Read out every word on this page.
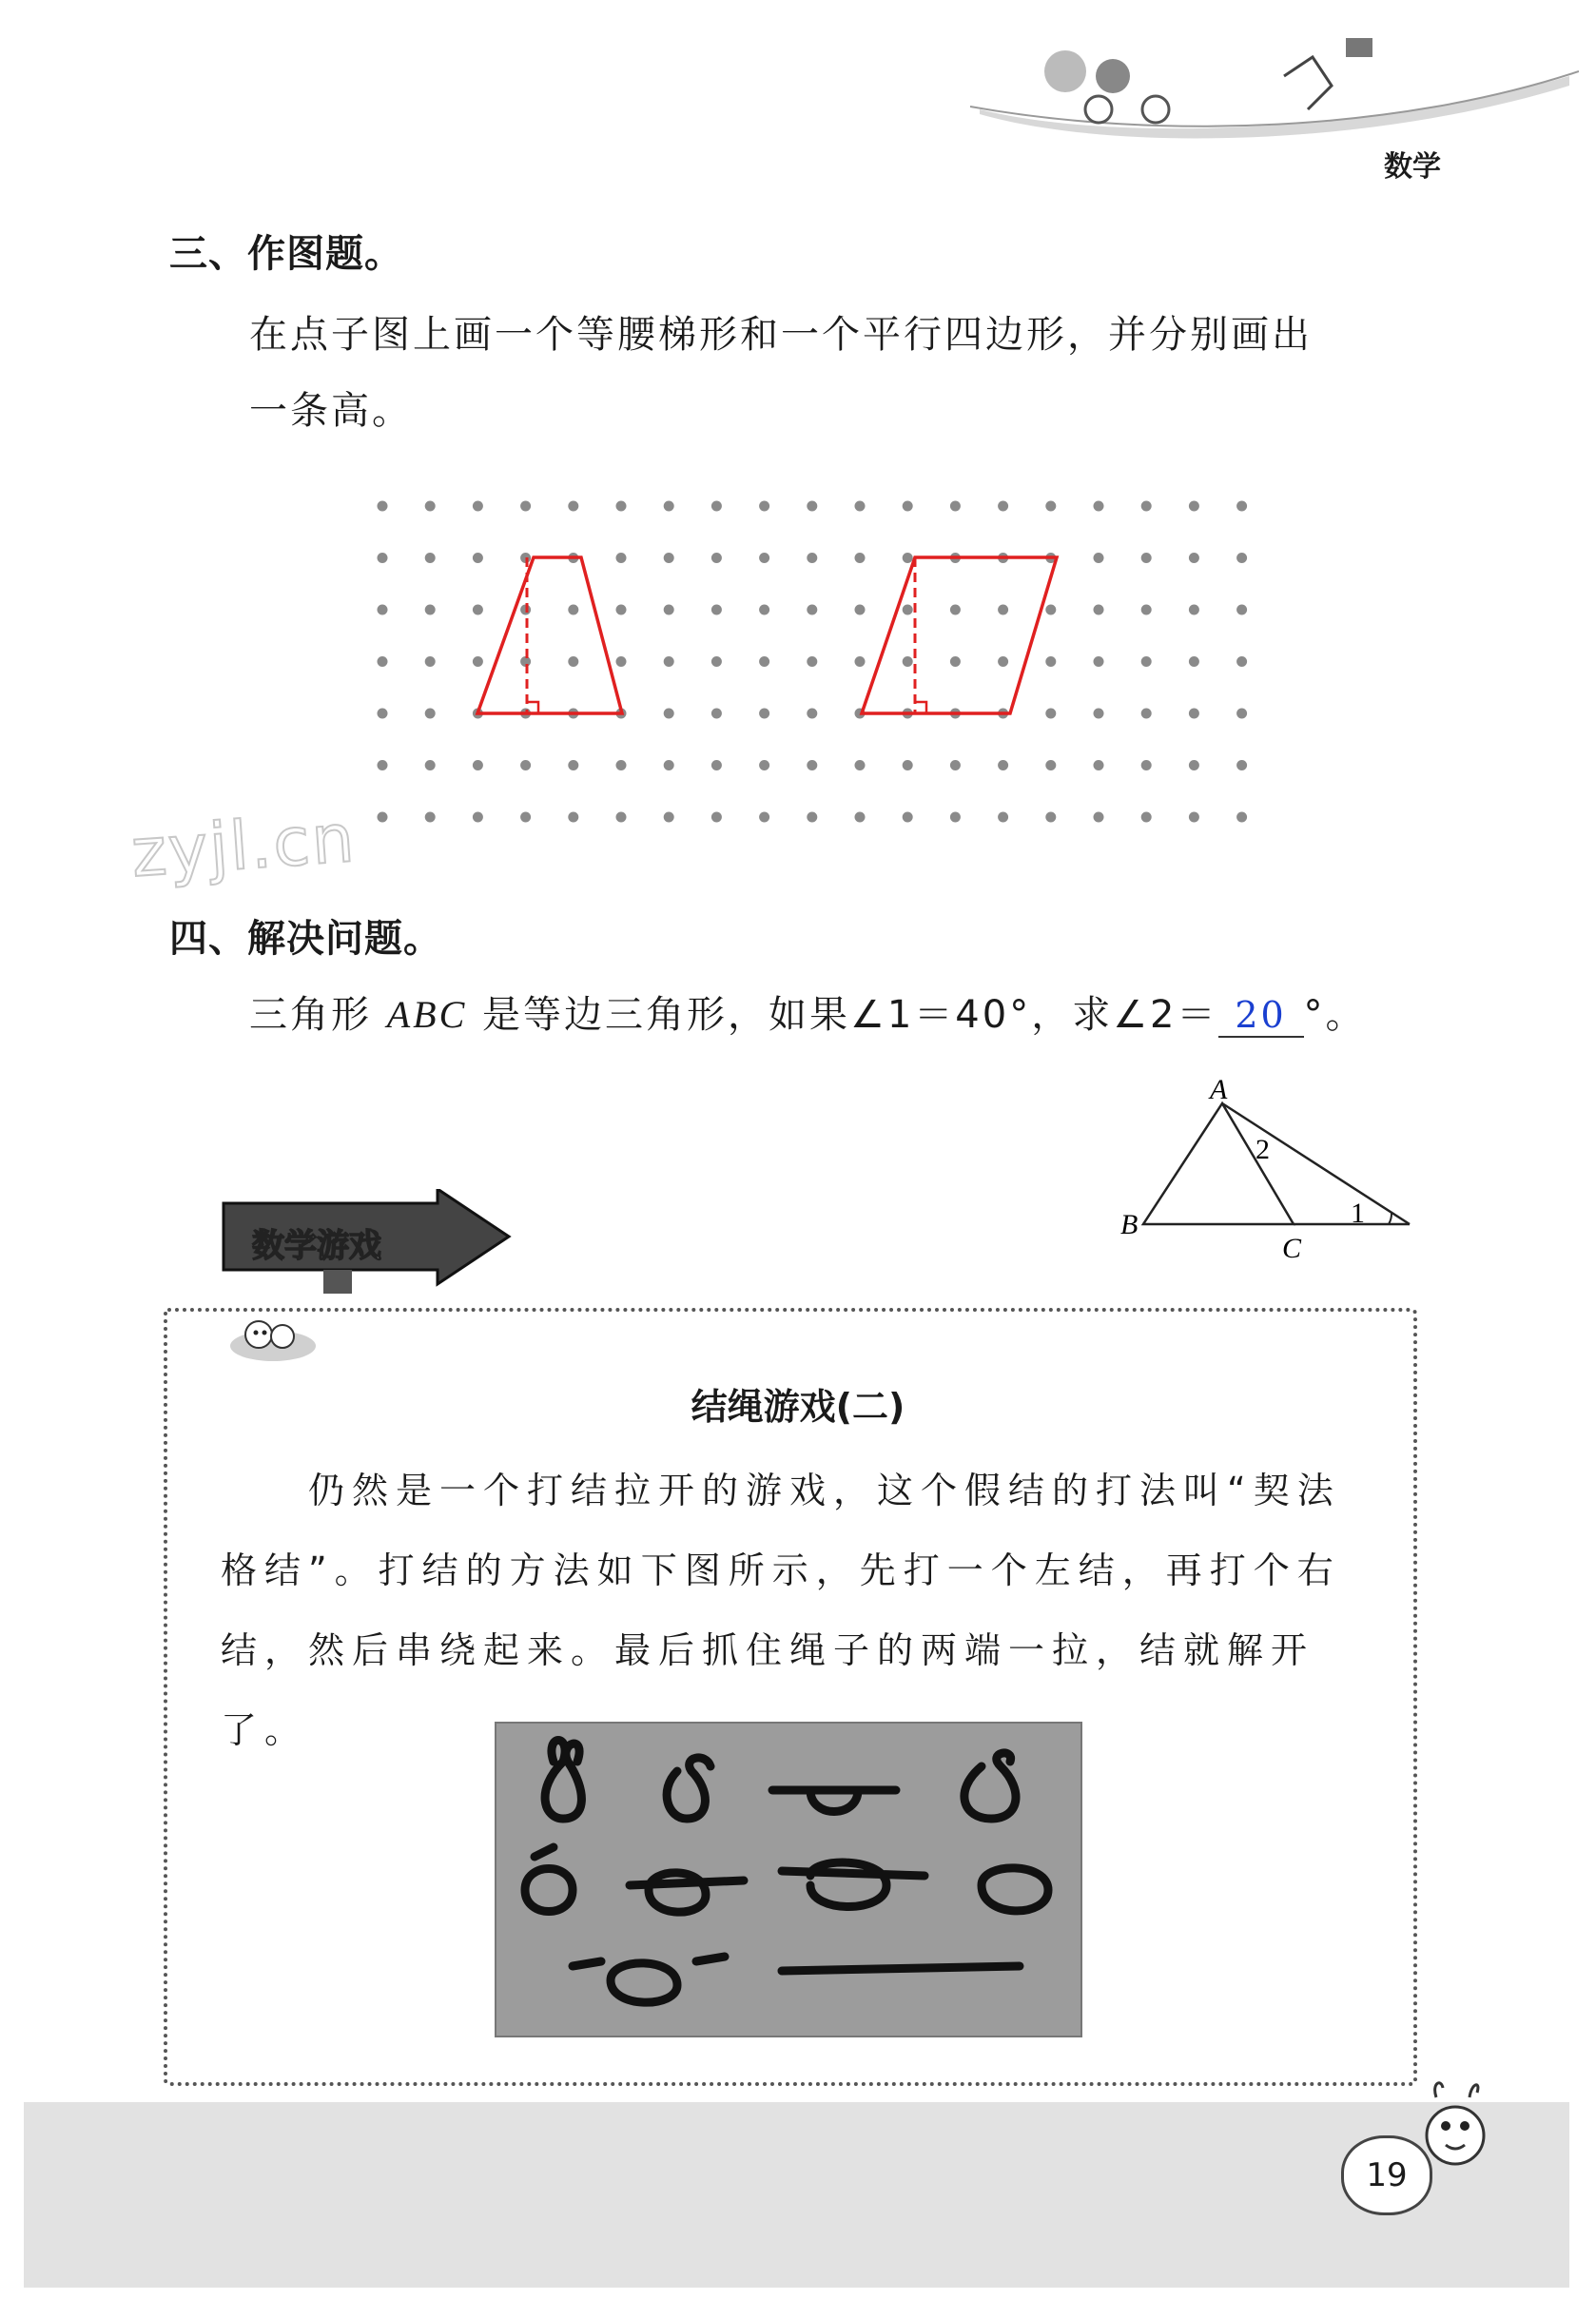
数学
三、作图题。
在点子图上画一个等腰梯形和一个平行四边形，并分别画出
一条高。
zyjl.cn
四、解决问题。
三角形 ABC 是等边三角形，如果∠1＝40°，求∠2＝ 20 °。
A
B
C
2
1
数学游戏
结绳游戏(二)
仍然是一个打结拉开的游戏，这个假结的打法叫“契法格结”。打结的方法如下图所示，先打一个左结，再打个右结，然后串绕起来。最后抓住绳子的两端一拉，结就解开了。
19
